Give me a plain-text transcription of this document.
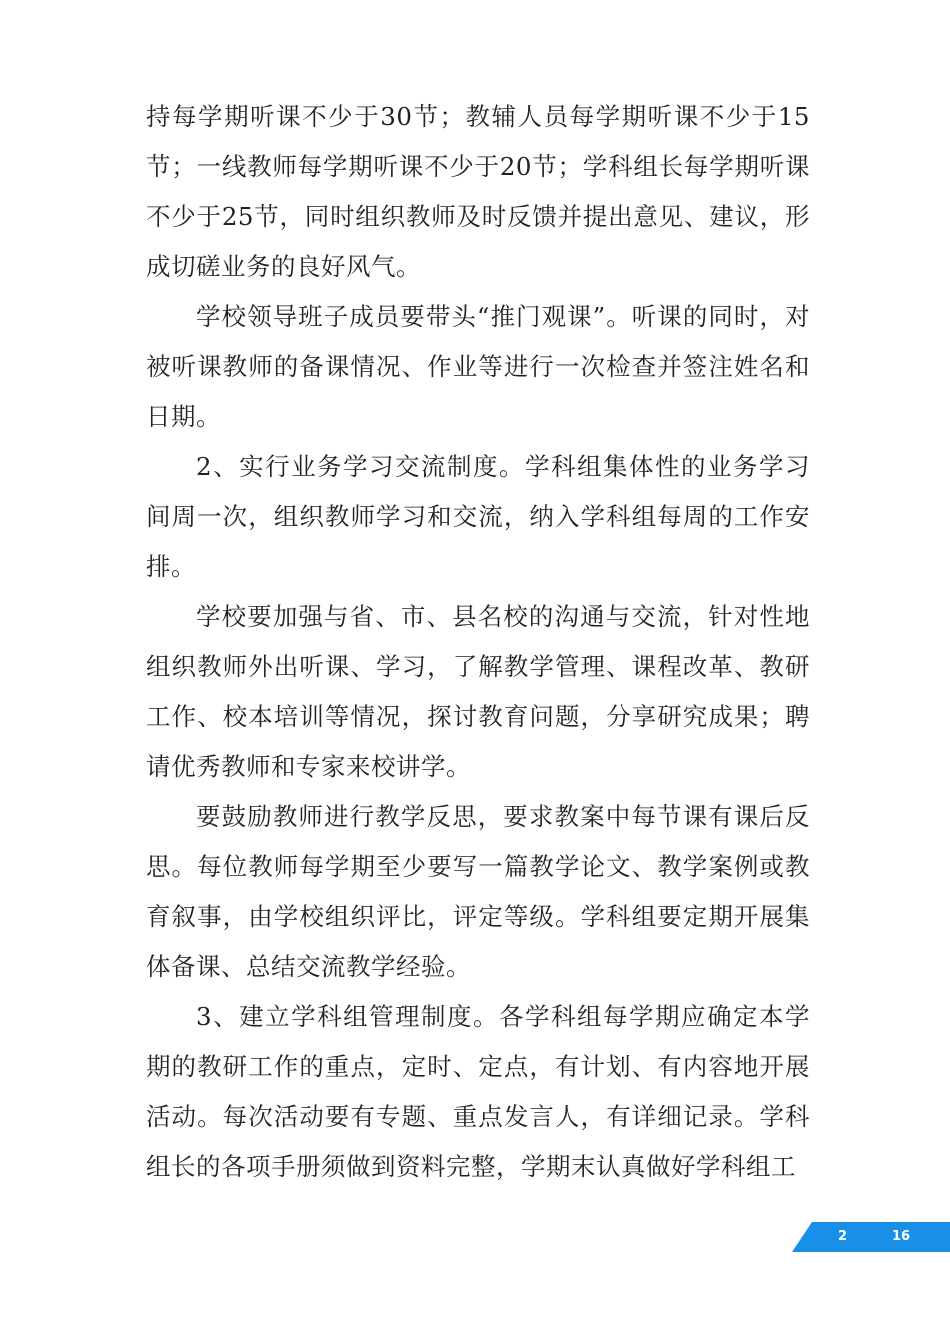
持每学期听课不少于30节；教辅人员每学期听课不少于15节；一线教师每学期听课不少于20节；学科组长每学期听课不少于25节，同时组织教师及时反馈并提出意见、建议，形成切磋业务的良好风气。

学校领导班子成员要带头“推门观课”。听课的同时，对被听课教师的备课情况、作业等进行一次检查并签注姓名和日期。

2、实行业务学习交流制度。学科组集体性的业务学习间周一次，组织教师学习和交流，纳入学科组每周的工作安排。

学校要加强与省、市、县名校的沟通与交流，针对性地组织教师外出听课、学习，了解教学管理、课程改革、教研工作、校本培训等情况，探讨教育问题，分享研究成果；聘请优秀教师和专家来校讲学。

要鼓励教师进行教学反思，要求教案中每节课有课后反思。每位教师每学期至少要写一篇教学论文、教学案例或教育叙事，由学校组织评比，评定等级。学科组要定期开展集体备课、总结交流教学经验。

3、建立学科组管理制度。各学科组每学期应确定本学期的教研工作的重点，定时、定点，有计划、有内容地开展活动。每次活动要有专题、重点发言人，有详细记录。学科组长的各项手册须做到资料完整，学期末认真做好学科组工

2	16
